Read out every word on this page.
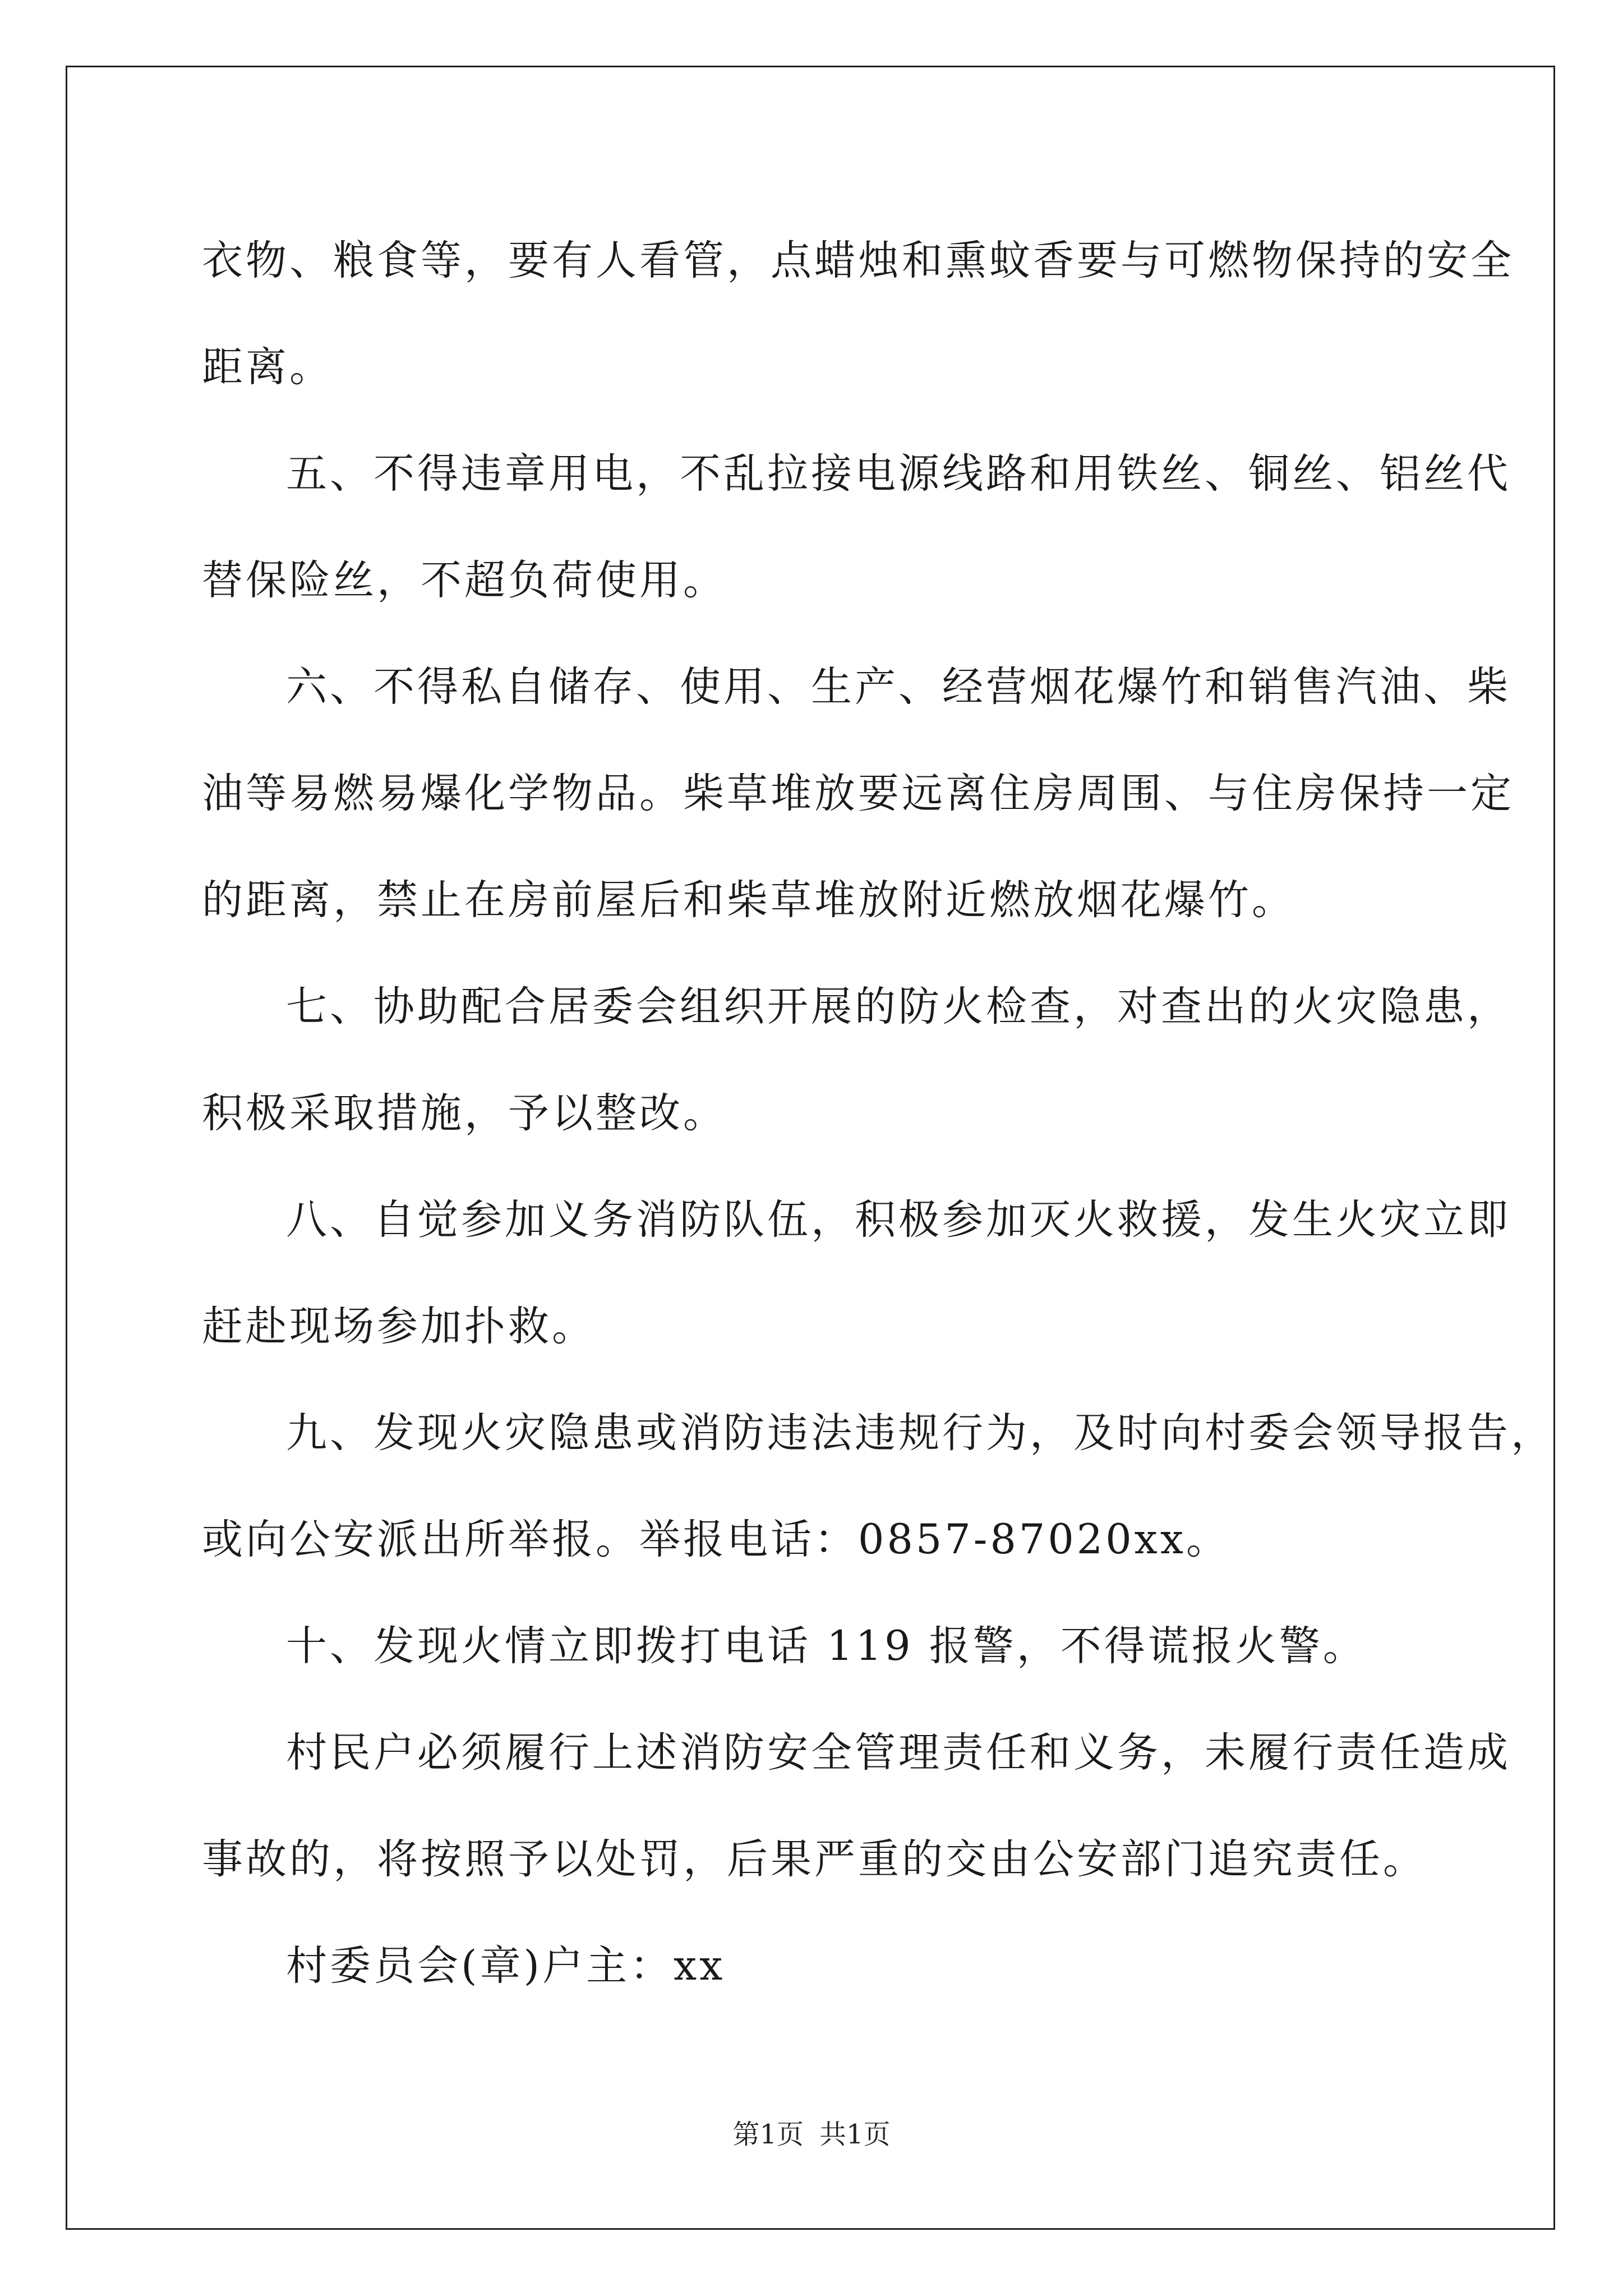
衣物、粮食等，要有人看管，点蜡烛和熏蚊香要与可燃物保持的安全

距离。

五、不得违章用电，不乱拉接电源线路和用铁丝、铜丝、铝丝代

替保险丝，不超负荷使用。

六、不得私自储存、使用、生产、经营烟花爆竹和销售汽油、柴

油等易燃易爆化学物品。柴草堆放要远离住房周围、与住房保持一定

的距离，禁止在房前屋后和柴草堆放附近燃放烟花爆竹。

七、协助配合居委会组织开展的防火检查，对查出的火灾隐患，

积极采取措施，予以整改。

八、自觉参加义务消防队伍，积极参加灭火救援，发生火灾立即

赶赴现场参加扑救。

九、发现火灾隐患或消防违法违规行为，及时向村委会领导报告，

或向公安派出所举报。举报电话：0857-87020xx。

十、发现火情立即拨打电话 119 报警，不得谎报火警。

村民户必须履行上述消防安全管理责任和义务，未履行责任造成

事故的，将按照予以处罚，后果严重的交由公安部门追究责任。

村委员会(章)户主：xx

第1页 共1页
